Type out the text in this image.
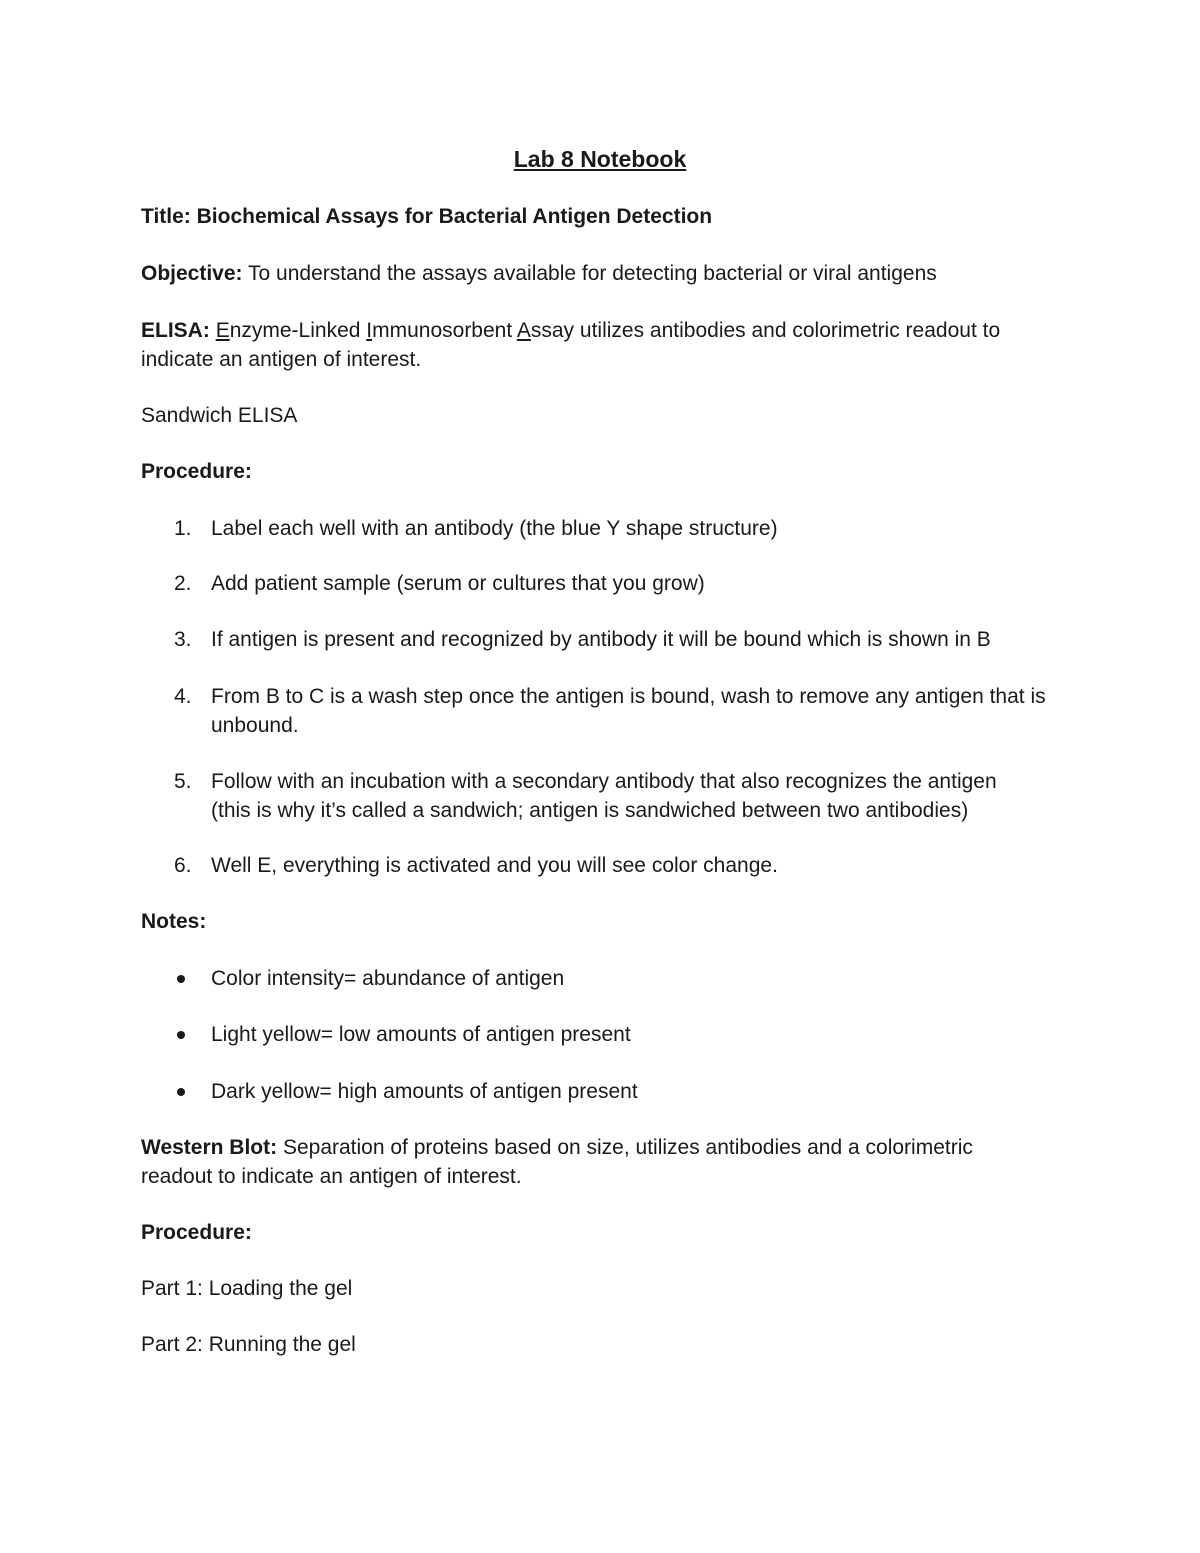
Lab 8 Notebook
Title: Biochemical Assays for Bacterial Antigen Detection
Objective: To understand the assays available for detecting bacterial or viral antigens
ELISA: Enzyme-Linked Immunosorbent Assay utilizes antibodies and colorimetric readout to indicate an antigen of interest.
Sandwich ELISA
Procedure:
1. Label each well with an antibody (the blue Y shape structure)
2. Add patient sample (serum or cultures that you grow)
3. If antigen is present and recognized by antibody it will be bound which is shown in B
4. From B to C is a wash step once the antigen is bound, wash to remove any antigen that is unbound.
5. Follow with an incubation with a secondary antibody that also recognizes the antigen (this is why it’s called a sandwich; antigen is sandwiched between two antibodies)
6. Well E, everything is activated and you will see color change.
Notes:
Color intensity= abundance of antigen
Light yellow= low amounts of antigen present
Dark yellow= high amounts of antigen present
Western Blot: Separation of proteins based on size, utilizes antibodies and a colorimetric readout to indicate an antigen of interest.
Procedure:
Part 1: Loading the gel
Part 2: Running the gel
